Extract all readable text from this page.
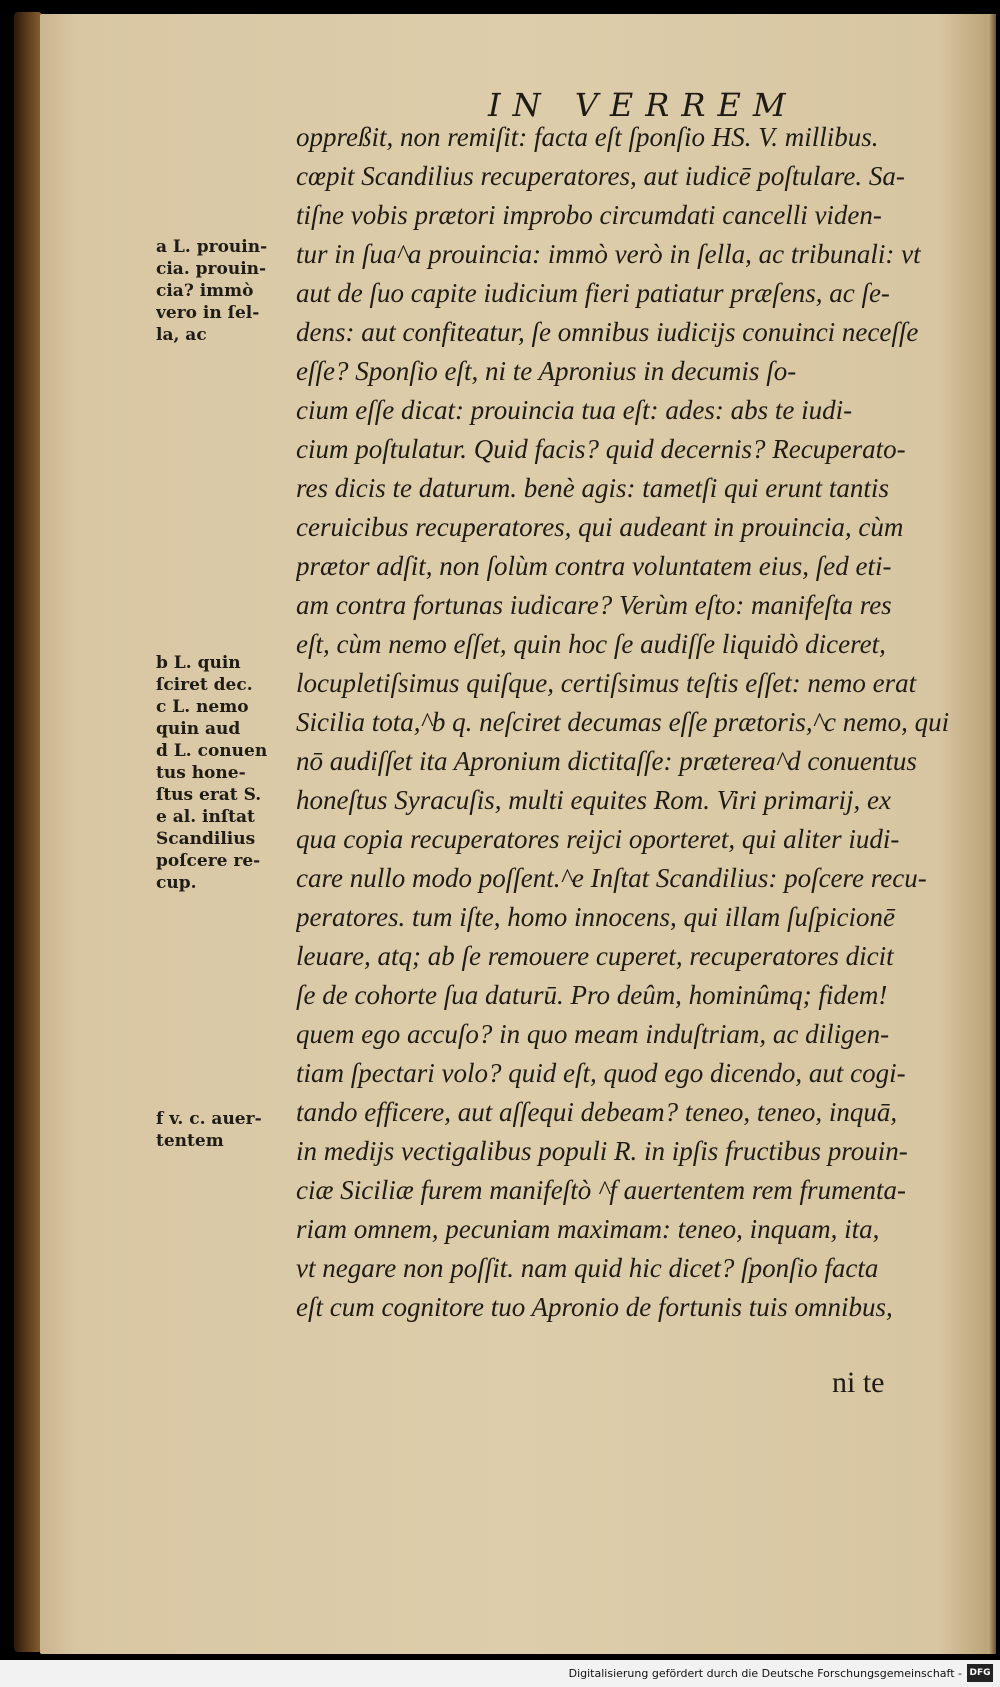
IN VERREM
oppreßit, non remiſit: facta eſt ſponſio HS. V. millibus.
cœpit Scandilius recuperatores, aut iudicē poſtulare. Sa-
tiſne vobis prætori improbo circumdati cancelli viden-
tur in ſua^a prouincia: immò verò in ſella, ac tribunali: vt
aut de ſuo capite iudicium fieri patiatur præſens, ac ſe-
dens: aut confiteatur, ſe omnibus iudicijs conuinci neceſſe
eſſe? Sponſio eſt, ni te Apronius in decumis ſo-
cium eſſe dicat: prouincia tua eſt: ades: abs te iudi-
cium poſtulatur. Quid facis? quid decernis? Recuperato-
res dicis te daturum. benè agis: tametſi qui erunt tantis
ceruicibus recuperatores, qui audeant in prouincia, cùm
prætor adſit, non ſolùm contra voluntatem eius, ſed eti-
am contra fortunas iudicare? Verùm eſto: manifeſta res
eſt, cùm nemo eſſet, quin hoc ſe audiſſe liquidò diceret,
locupletiſsimus quiſque, certiſsimus teſtis eſſet: nemo erat
Sicilia tota,^b q. neſciret decumas eſſe prætoris,^c nemo, qui
nō audiſſet ita Apronium dictitaſſe: præterea^d conuentus
honeſtus Syracuſis, multi equites Rom. Viri primarij, ex
qua copia recuperatores reijci oporteret, qui aliter iudi-
care nullo modo poſſent.^e Inſtat Scandilius: poſcere recu-
peratores. tum iſte, homo innocens, qui illam ſuſpicionē
leuare, atq; ab ſe remouere cuperet, recuperatores dicit
ſe de cohorte ſua daturū. Pro deûm, hominûmq; fidem!
quem ego accuſo? in quo meam induſtriam, ac diligen-
tiam ſpectari volo? quid eſt, quod ego dicendo, aut cogi-
tando efficere, aut aſſequi debeam? teneo, teneo, inquā,
in medijs vectigalibus populi R. in ipſis fructibus prouin-
ciæ Siciliæ furem manifeſtò ^f auertentem rem frumenta-
riam omnem, pecuniam maximam: teneo, inquam, ita,
vt negare non poſſit. nam quid hic dicet? ſponſio facta
eſt cum cognitore tuo Apronio de fortunis tuis omnibus,
a L. prouin-
cia. prouin-
cia? immò
vero in ſel-
la, ac
b L. quin
ſciret dec.
c L. nemo
quin aud
d L. conuen
tus hone-
ſtus erat S.
e al. inſtat
Scandilius
poſcere re-
cup.
f v. c. auer-
tentem
ni te
Digitalisierung gefördert durch die Deutsche Forschungsgemeinschaft - DFG
